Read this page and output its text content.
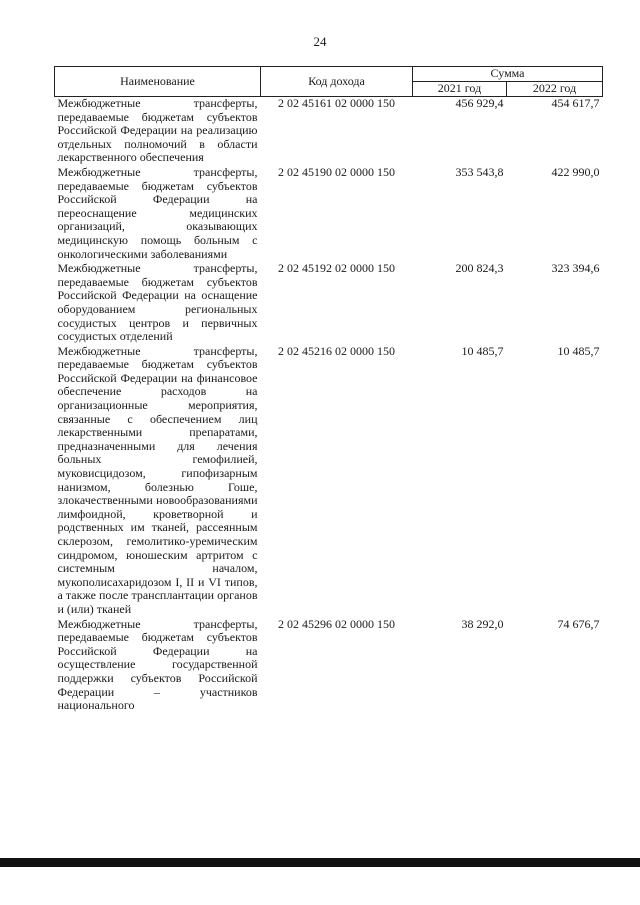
24
Наименование	Код дохода	Сумма	
		2021 год	2022 год
Межбюджетные трансферты, передаваемые бюджетам субъектов Российской Федерации на реализацию отдельных полномочий в области лекарственного обеспечения	2 02 45161 02 0000 150	456 929,4	454 617,7
Межбюджетные трансферты, передаваемые бюджетам субъектов Российской Федерации на переоснащение медицинских организаций, оказывающих медицинскую помощь больным с онкологическими заболеваниями	2 02 45190 02 0000 150	353 543,8	422 990,0
Межбюджетные трансферты, передаваемые бюджетам субъектов Российской Федерации на оснащение оборудованием региональных сосудистых центров и первичных сосудистых отделений	2 02 45192 02 0000 150	200 824,3	323 394,6
Межбюджетные трансферты, передаваемые бюджетам субъектов Российской Федерации на финансовое обеспечение расходов на организационные мероприятия, связанные с обеспечением лиц лекарственными препаратами, предназначенными для лечения больных гемофилией, муковисцидозом, гипофизарным нанизмом, болезнью Гоше, злокачественными новообразованиями лимфоидной, кроветворной и родственных им тканей, рассеянным склерозом, гемолитико-уремическим синдромом, юношеским артритом с системным началом, мукополисахаридозом I, II и VI типов, а также после трансплантации органов и (или) тканей	2 02 45216 02 0000 150	10 485,7	10 485,7
Межбюджетные трансферты, передаваемые бюджетам субъектов Российской Федерации на осуществление государственной поддержки субъектов Российской Федерации – участников национального	2 02 45296 02 0000 150	38 292,0	74 676,7
